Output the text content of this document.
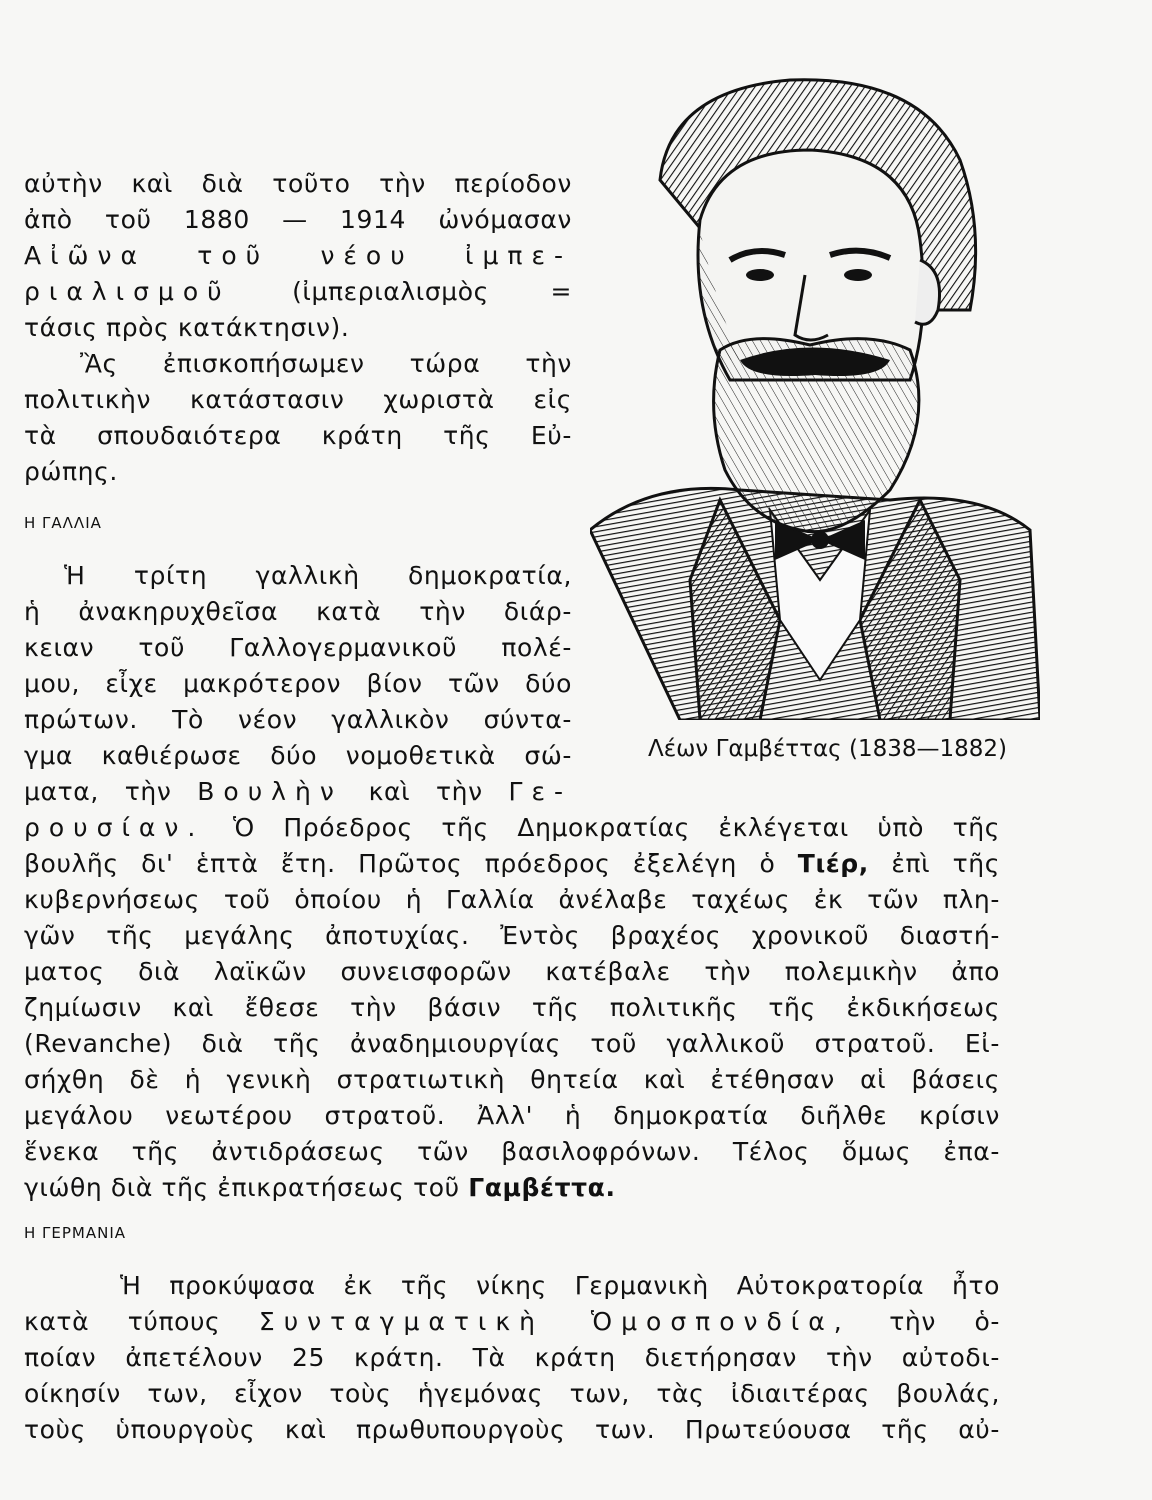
αὐτὴν καὶ διὰ τοῦτο τὴν περίοδον
ἀπὸ τοῦ 1880 — 1914 ὠνόμασαν
Αἰῶνα τοῦ νέου ἰμπε-
ριαλισμοῦ (ἰμπεριαλισμὸς =
τάσις πρὸς κατάκτησιν).
Ἂς ἐπισκοπήσωμεν τώρα τὴν
πολιτικὴν κατάστασιν χωριστὰ εἰς
τὰ σπουδαιότερα κράτη τῆς Εὐ-
ρώπης.
Η ΓΑΛΛΙΑ
Ἡ τρίτη γαλλικὴ δημοκρατία,
ἡ ἀνακηρυχθεῖσα κατὰ τὴν διάρ-
κειαν τοῦ Γαλλογερμανικοῦ πολέ-
μου, εἶχε μακρότερον βίον τῶν δύο
πρώτων. Τὸ νέον γαλλικὸν σύντα-
γμα καθιέρωσε δύο νομοθετικὰ σώ-
ματα, τὴν Βουλὴν καὶ τὴν Γε-
ρουσίαν. Ὁ Πρόεδρος τῆς Δημοκρατίας ἐκλέγεται ὑπὸ τῆς
βουλῆς δι' ἑπτὰ ἔτη. Πρῶτος πρόεδρος ἐξελέγη ὁ Τιέρ, ἐπὶ τῆς
κυβερνήσεως τοῦ ὁποίου ἡ Γαλλία ἀνέλαβε ταχέως ἐκ τῶν πλη-
γῶν τῆς μεγάλης ἀποτυχίας. Ἐντὸς βραχέος χρονικοῦ διαστή-
ματος διὰ λαϊκῶν συνεισφορῶν κατέβαλε τὴν πολεμικὴν ἀπο
ζημίωσιν καὶ ἔθεσε τὴν βάσιν τῆς πολιτικῆς τῆς ἐκδικήσεως
(Revanche) διὰ τῆς ἀναδημιουργίας τοῦ γαλλικοῦ στρατοῦ. Εἰ-
σήχθη δὲ ἡ γενικὴ στρατιωτικὴ θητεία καὶ ἐτέθησαν αἱ βάσεις
μεγάλου νεωτέρου στρατοῦ. Ἀλλ' ἡ δημοκρατία διῆλθε κρίσιν
ἕνεκα τῆς ἀντιδράσεως τῶν βασιλοφρόνων. Τέλος ὅμως ἐπα-
γιώθη διὰ τῆς ἐπικρατήσεως τοῦ Γαμβέττα.
Η ΓΕΡΜΑΝΙΑ
Ἡ προκύψασα ἐκ τῆς νίκης Γερμανικὴ Αὐτοκρατορία ἦτο
κατὰ τύπους Συνταγματικὴ Ὁμοσπονδία, τὴν ὁ-
ποίαν ἀπετέλουν 25 κράτη. Τὰ κράτη διετήρησαν τὴν αὐτοδι-
οίκησίν των, εἶχον τοὺς ἡγεμόνας των, τὰς ἰδιαιτέρας βουλάς,
τοὺς ὑπουργοὺς καὶ πρωθυπουργοὺς των. Πρωτεύουσα τῆς αὐ-
Λέων Γαμβέττας (1838—1882)
